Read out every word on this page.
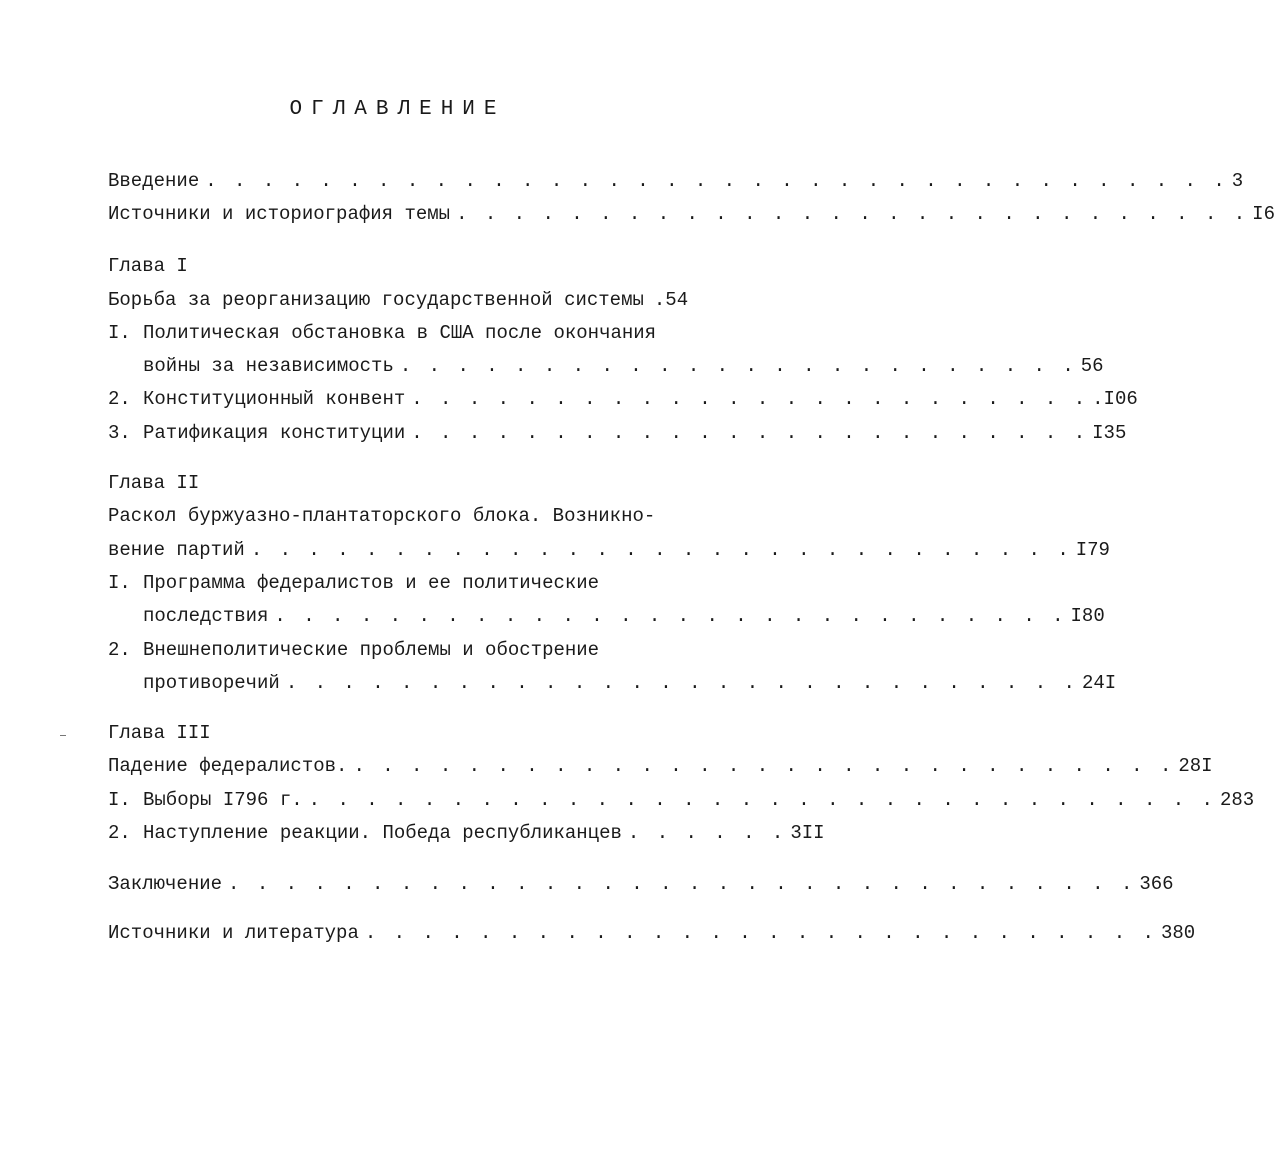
ОГЛАВЛЕНИЕ
Введение . . . . . . . . . . . . . . . . . . . . . . . . . . . . . . . . . . . . 3
Источники и историография темы . . . . . . . . . . . . . . . . . . . . . . . . . . . . I6
Глава I
Борьба за реорганизацию государственной системы .54
I. Политическая обстановка в США после окончания
войны за независимость . . . . . . . . . . . . . . . . . . . . . . . . 56
2. Конституционный конвент . . . . . . . . . . . . . . . . . . . . . . . . .I06
3. Ратификация конституции . . . . . . . . . . . . . . . . . . . . . . . . I35
Глава II
Раскол буржуазно-плантаторского блока. Возникно-
вение партий . . . . . . . . . . . . . . . . . . . . . . . . . . . . . I79
I. Программа федералистов и ее политические
последствия . . . . . . . . . . . . . . . . . . . . . . . . . . . . I80
2. Внешнеполитические проблемы и обострение
противоречий . . . . . . . . . . . . . . . . . . . . . . . . . . . . 24I
Глава III
Падение федералистов. . . . . . . . . . . . . . . . . . . . . . . . . . . . . . 28I
I. Выборы I796 г. . . . . . . . . . . . . . . . . . . . . . . . . . . . . . . . . 283
2. Наступление реакции. Победа республиканцев . . . . . . 3II
Заключение . . . . . . . . . . . . . . . . . . . . . . . . . . . . . . . . 366
Источники и литература . . . . . . . . . . . . . . . . . . . . . . . . . . . . 380
